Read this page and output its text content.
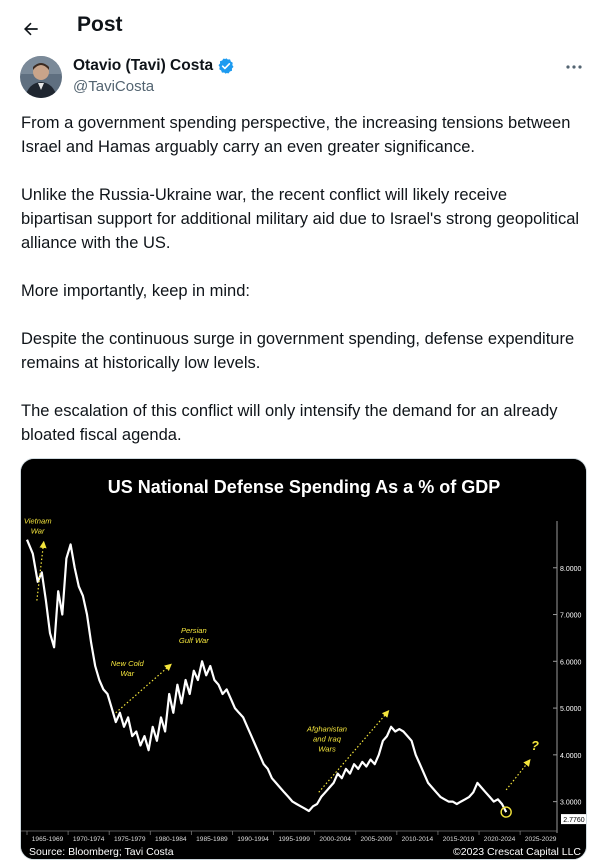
Post
Otavio (Tavi) Costa
@TaviCosta

From a government spending perspective, the increasing tensions between Israel and Hamas arguably carry an even greater significance.

Unlike the Russia-Ukraine war, the recent conflict will likely receive bipartisan support for additional military aid due to Israel's strong geopolitical alliance with the US.

More importantly, keep in mind:

Despite the continuous surge in government spending, defense expenditure remains at historically low levels.

The escalation of this conflict will only intensify the demand for an already bloated fiscal agenda.

US National Defense Spending As a % of GDP
8.0000
7.0000
6.0000
5.0000
4.0000
3.0000
2.7760
1965-1969 1970-1974 1975-1979 1980-1984 1985-1989 1990-1994 1995-1999 2000-2004 2005-2009 2010-2014 2015-2019 2020-2024 2025-2029
Vietnam
War
New Cold
War
Persian
Gulf War
Afghanistan
and Iraq
Wars	?
Source: Bloomberg; Tavi Costa	©2023 Crescat Capital LLC
